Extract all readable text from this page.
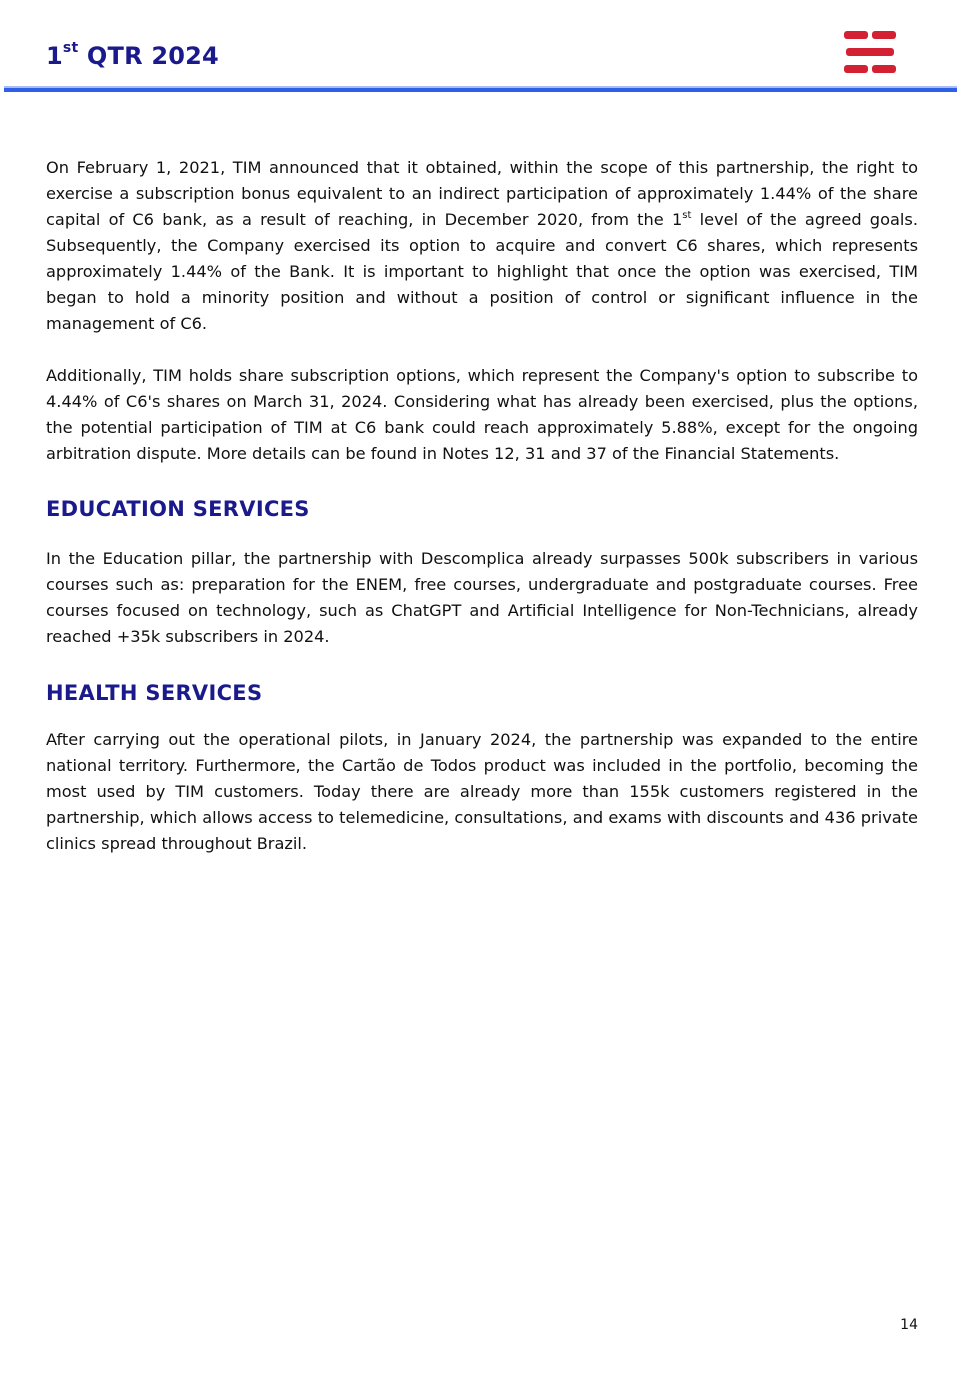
1st QTR 2024

On February 1, 2021, TIM announced that it obtained, within the scope of this partnership, the right to exercise a subscription bonus equivalent to an indirect participation of approximately 1.44% of the share capital of C6 bank, as a result of reaching, in December 2020, from the 1st level of the agreed goals. Subsequently, the Company exercised its option to acquire and convert C6 shares, which represents approximately 1.44% of the Bank. It is important to highlight that once the option was exercised, TIM began to hold a minority position and without a position of control or significant influence in the management of C6.

Additionally, TIM holds share subscription options, which represent the Company's option to subscribe to 4.44% of C6's shares on March 31, 2024. Considering what has already been exercised, plus the options, the potential participation of TIM at C6 bank could reach approximately 5.88%, except for the ongoing arbitration dispute. More details can be found in Notes 12, 31 and 37 of the Financial Statements.

EDUCATION SERVICES

In the Education pillar, the partnership with Descomplica already surpasses 500k subscribers in various courses such as: preparation for the ENEM, free courses, undergraduate and postgraduate courses. Free courses focused on technology, such as ChatGPT and Artificial Intelligence for Non-Technicians, already reached +35k subscribers in 2024.

HEALTH SERVICES

After carrying out the operational pilots, in January 2024, the partnership was expanded to the entire national territory. Furthermore, the Cartão de Todos product was included in the portfolio, becoming the most used by TIM customers. Today there are already more than 155k customers registered in the partnership, which allows access to telemedicine, consultations, and exams with discounts and 436 private clinics spread throughout Brazil.

14
